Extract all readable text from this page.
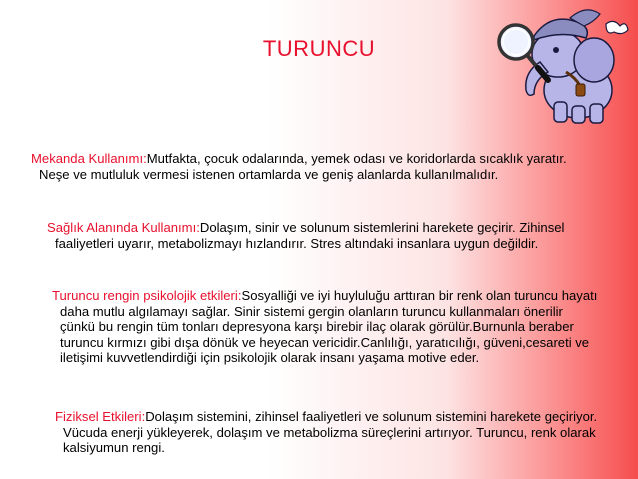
TURUNCU
Mekanda Kullanımı:Mutfakta, çocuk odalarında, yemek odası ve koridorlarda sıcaklık yaratır. Neşe ve mutluluk vermesi istenen ortamlarda ve geniş alanlarda kullanılmalıdır.
Sağlık Alanında Kullanımı:Dolaşım, sinir ve solunum sistemlerini harekete geçirir. Zihinsel faaliyetleri uyarır, metabolizmayı hızlandırır. Stres altındaki insanlara uygun değildir.
Turuncu rengin psikolojik etkileri:Sosyalliği ve iyi huyluluğu arttıran bir renk olan turuncu hayatı daha mutlu algılamayı sağlar. Sinir sistemi gergin olanların turuncu kullanmaları önerilir çünkü bu rengin tüm tonları depresyona karşı birebir ilaç olarak görülür.Burnunla beraber turuncu kırmızı gibi dışa dönük ve heyecan vericidir.Canlılığı, yaratıcılığı, güveni,cesareti ve iletişimi kuvvetlendirdiği için psikolojik olarak insanı yaşama motive eder.
Fiziksel Etkileri:Dolaşım sistemini, zihinsel faaliyetleri ve solunum sistemini harekete geçiriyor. Vücuda enerji yükleyerek, dolaşım ve metabolizma süreçlerini artırıyor. Turuncu, renk olarak kalsiyumun rengi.
